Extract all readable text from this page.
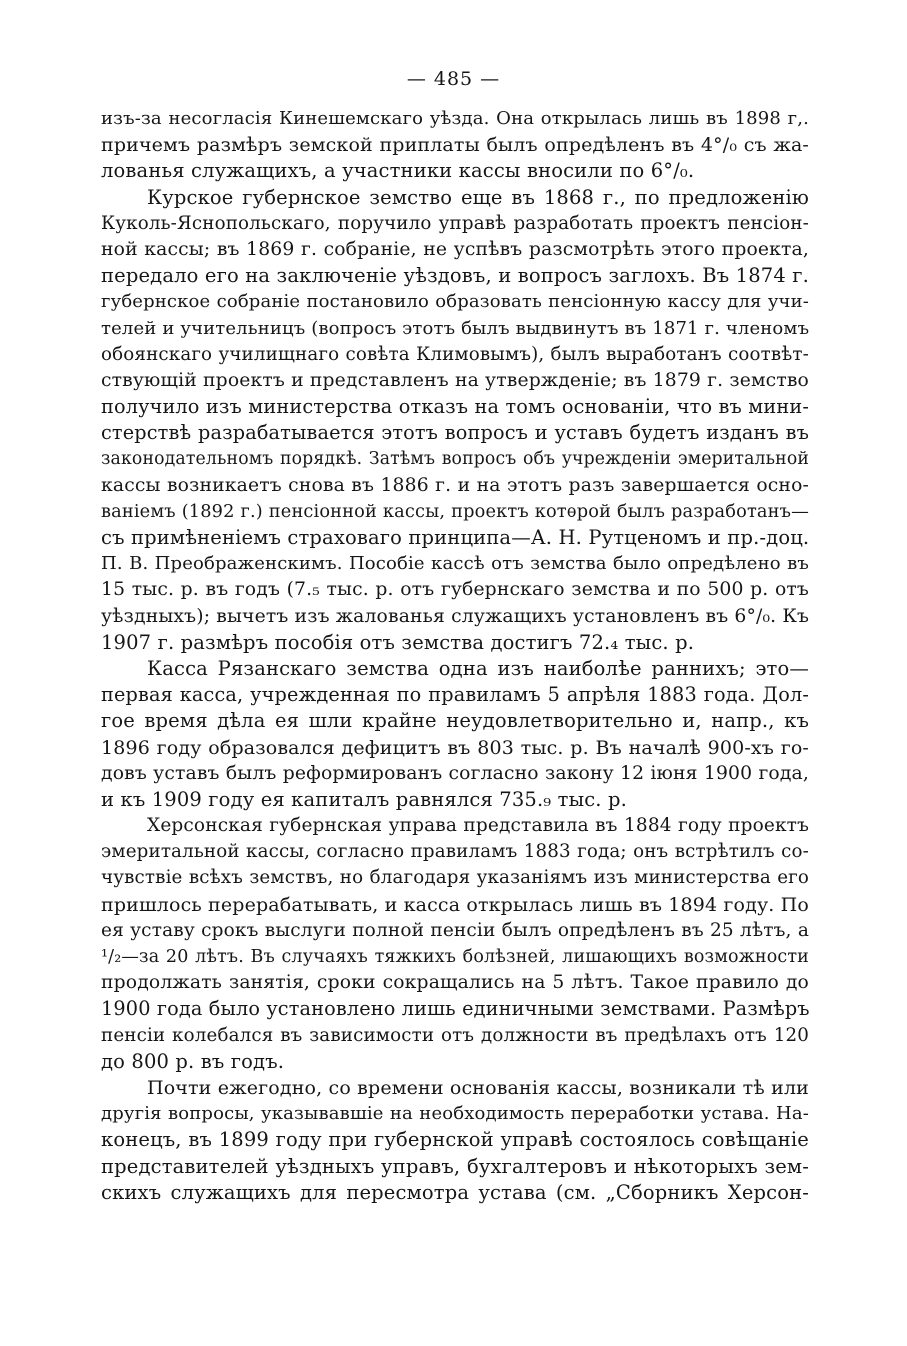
— 485 —
изъ-за несогласія Кинешемскаго уѣзда. Она открылась лишь въ 1898 г,.
причемъ размѣръ земской приплаты былъ опредѣленъ въ 4°/₀ съ жа-
лованья служащихъ, а участники кассы вносили по 6°/₀.
Курское губернское земство еще въ 1868 г., по предложенію
Куколь-Яснопольскаго, поручило управѣ разработать проектъ пенсіон-
ной кассы; въ 1869 г. собраніе, не успѣвъ разсмотрѣть этого проекта,
передало его на заключеніе уѣздовъ, и вопросъ заглохъ. Въ 1874 г.
губернское собраніе постановило образовать пенсіонную кассу для учи-
телей и учительницъ (вопросъ этотъ былъ выдвинутъ въ 1871 г. членомъ
обоянскаго училищнаго совѣта Климовымъ), былъ выработанъ соотвѣт-
ствующій проектъ и представленъ на утвержденіе; въ 1879 г. земство
получило изъ министерства отказъ на томъ основаніи, что въ мини-
стерствѣ разрабатывается этотъ вопросъ и уставъ будетъ изданъ въ
законодательномъ порядкѣ. Затѣмъ вопросъ объ учрежденіи эмеритальной
кассы возникаетъ снова въ 1886 г. и на этотъ разъ завершается осно-
ваніемъ (1892 г.) пенсіонной кассы, проектъ котѳрой былъ разработанъ—
съ примѣненіемъ страховаго принципа—А. Н. Рутценомъ и пр.-доц.
П. В. Преображенскимъ. Пособіе кассѣ отъ земства было опредѣлено въ
15 тыс. р. въ годъ (7.₅ тыс. р. отъ губернскаго земства и по 500 р. отъ
уѣздныхъ); вычетъ изъ жалованья служащихъ установленъ въ 6°/₀. Къ
1907 г. размѣръ пособія отъ земства достигъ 72.₄ тыс. р.
Касса Рязанскаго земства одна изъ наиболѣе раннихъ; это—
первая касса, учрежденная по правиламъ 5 апрѣля 1883 года. Дол-
гое время дѣла ея шли крайне неудовлетворительно и, напр., къ
1896 году образовался дефицитъ въ 803 тыс. р. Въ началѣ 900-хъ го-
довъ уставъ былъ реформированъ согласно закону 12 іюня 1900 года,
и къ 1909 году ея капиталъ равнялся 735.₉ тыс. р.
Херсонская губернская управа представила въ 1884 году проектъ
эмеритальной кассы, согласно правиламъ 1883 года; онъ встрѣтилъ со-
чувствіе всѣхъ земствъ, но благодаря указаніямъ изъ министерства его
пришлось перерабатывать, и касса открылась лишь въ 1894 году. По
ея уставу срокъ выслуги полной пенсіи былъ опредѣленъ въ 25 лѣтъ, а
¹/₂—за 20 лѣтъ. Въ случаяхъ тяжкихъ болѣзней, лишающихъ возможности
продолжать занятія, сроки сокращались на 5 лѣтъ. Такое правило до
1900 года было установлено лишь единичными земствами. Размѣръ
пенсіи колебался въ зависимости отъ должности въ предѣлахъ отъ 120
до 800 р. въ годъ.
Почти ежегодно, со времени основанія кассы, возникали тѣ или
другія вопросы, указывавшіе на необходимость переработки устава. На-
конецъ, въ 1899 году при губернской управѣ состоялось совѣщаніе
представителей уѣздныхъ управъ, бухгалтеровъ и нѣкоторыхъ зем-
скихъ служащихъ для пересмотра устава (см. „Сборникъ Херсон-
